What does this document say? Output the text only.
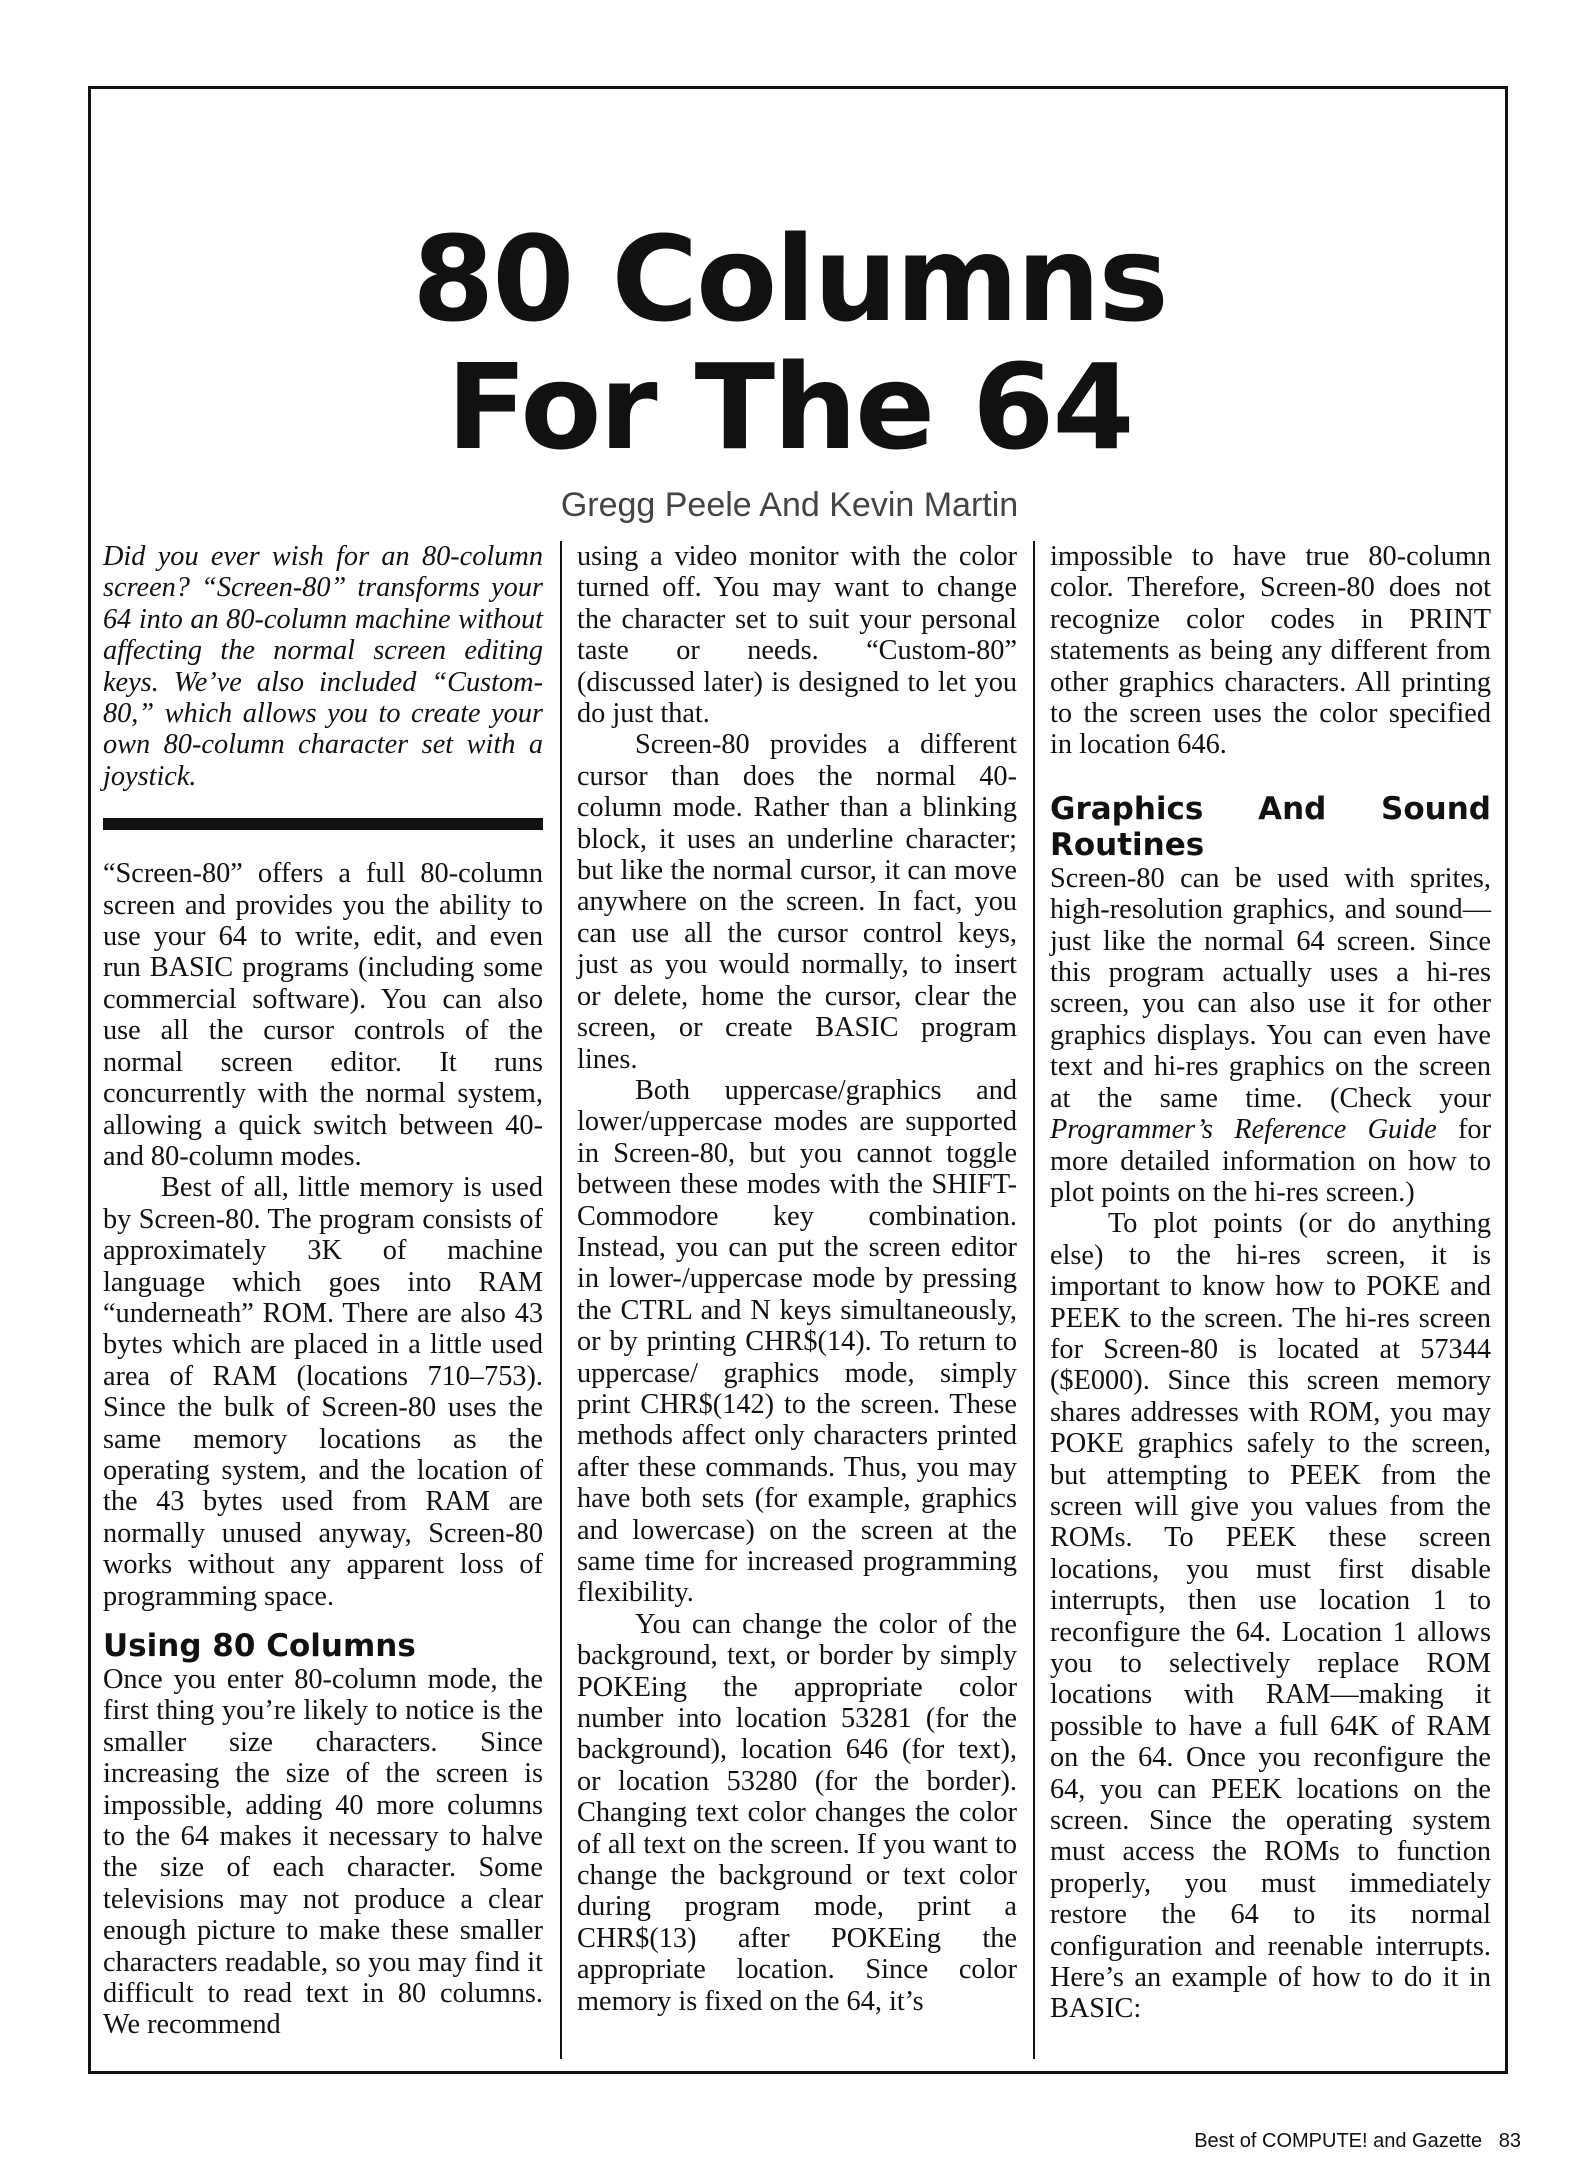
80 Columns
For The 64
Gregg Peele And Kevin Martin

Did you ever wish for an 80-column screen? “Screen-80” transforms your 64 into an 80-column machine without affecting the normal screen editing keys. We’ve also included “Custom-80,” which allows you to create your own 80-column character set with a joystick.

“Screen-80” offers a full 80-column screen and provides you the ability to use your 64 to write, edit, and even run BASIC programs (including some commercial software). You can also use all the cursor controls of the normal screen editor. It runs concurrently with the normal system, allowing a quick switch between 40- and 80-column modes.

Best of all, little memory is used by Screen-80. The program consists of approximately 3K of machine language which goes into RAM “underneath” ROM. There are also 43 bytes which are placed in a little used area of RAM (locations 710–753). Since the bulk of Screen-80 uses the same memory locations as the operating system, and the location of the 43 bytes used from RAM are normally unused anyway, Screen-80 works without any apparent loss of programming space.

Using 80 Columns

Once you enter 80-column mode, the first thing you’re likely to notice is the smaller size characters. Since increasing the size of the screen is impossible, adding 40 more columns to the 64 makes it necessary to halve the size of each character. Some televisions may not produce a clear enough picture to make these smaller characters readable, so you may find it difficult to read text in 80 columns. We recommend

using a video monitor with the color turned off. You may want to change the character set to suit your personal taste or needs. “Custom-80” (discussed later) is designed to let you do just that.

Screen-80 provides a different cursor than does the normal 40-column mode. Rather than a blinking block, it uses an underline character; but like the normal cursor, it can move anywhere on the screen. In fact, you can use all the cursor control keys, just as you would normally, to insert or delete, home the cursor, clear the screen, or create BASIC program lines.

Both uppercase/graphics and lower/uppercase modes are supported in Screen-80, but you cannot toggle between these modes with the SHIFT-Commodore key combination. Instead, you can put the screen editor in lower-/uppercase mode by pressing the CTRL and N keys simultaneously, or by printing CHR$(14). To return to uppercase/ graphics mode, simply print CHR$(142) to the screen. These methods affect only characters printed after these commands. Thus, you may have both sets (for example, graphics and lowercase) on the screen at the same time for increased programming flexibility.

You can change the color of the background, text, or border by simply POKEing the appropriate color number into location 53281 (for the background), location 646 (for text), or location 53280 (for the border). Changing text color changes the color of all text on the screen. If you want to change the background or text color during program mode, print a CHR$(13) after POKEing the appropriate location. Since color memory is fixed on the 64, it’s

impossible to have true 80-column color. Therefore, Screen-80 does not recognize color codes in PRINT statements as being any different from other graphics characters. All printing to the screen uses the color specified in location 646.

Graphics And Sound Routines

Screen-80 can be used with sprites, high-resolution graphics, and sound—just like the normal 64 screen. Since this program actually uses a hi-res screen, you can also use it for other graphics displays. You can even have text and hi-res graphics on the screen at the same time. (Check your Programmer’s Reference Guide for more detailed information on how to plot points on the hi-res screen.)

To plot points (or do anything else) to the hi-res screen, it is important to know how to POKE and PEEK to the screen. The hi-res screen for Screen-80 is located at 57344 ($E000). Since this screen memory shares addresses with ROM, you may POKE graphics safely to the screen, but attempting to PEEK from the screen will give you values from the ROMs. To PEEK these screen locations, you must first disable interrupts, then use location 1 to reconfigure the 64. Location 1 allows you to selectively replace ROM locations with RAM—making it possible to have a full 64K of RAM on the 64. Once you reconfigure the 64, you can PEEK locations on the screen. Since the operating system must access the ROMs to function properly, you must immediately restore the 64 to its normal configuration and reenable interrupts. Here’s an example of how to do it in BASIC:

Best of COMPUTE! and Gazette 83
